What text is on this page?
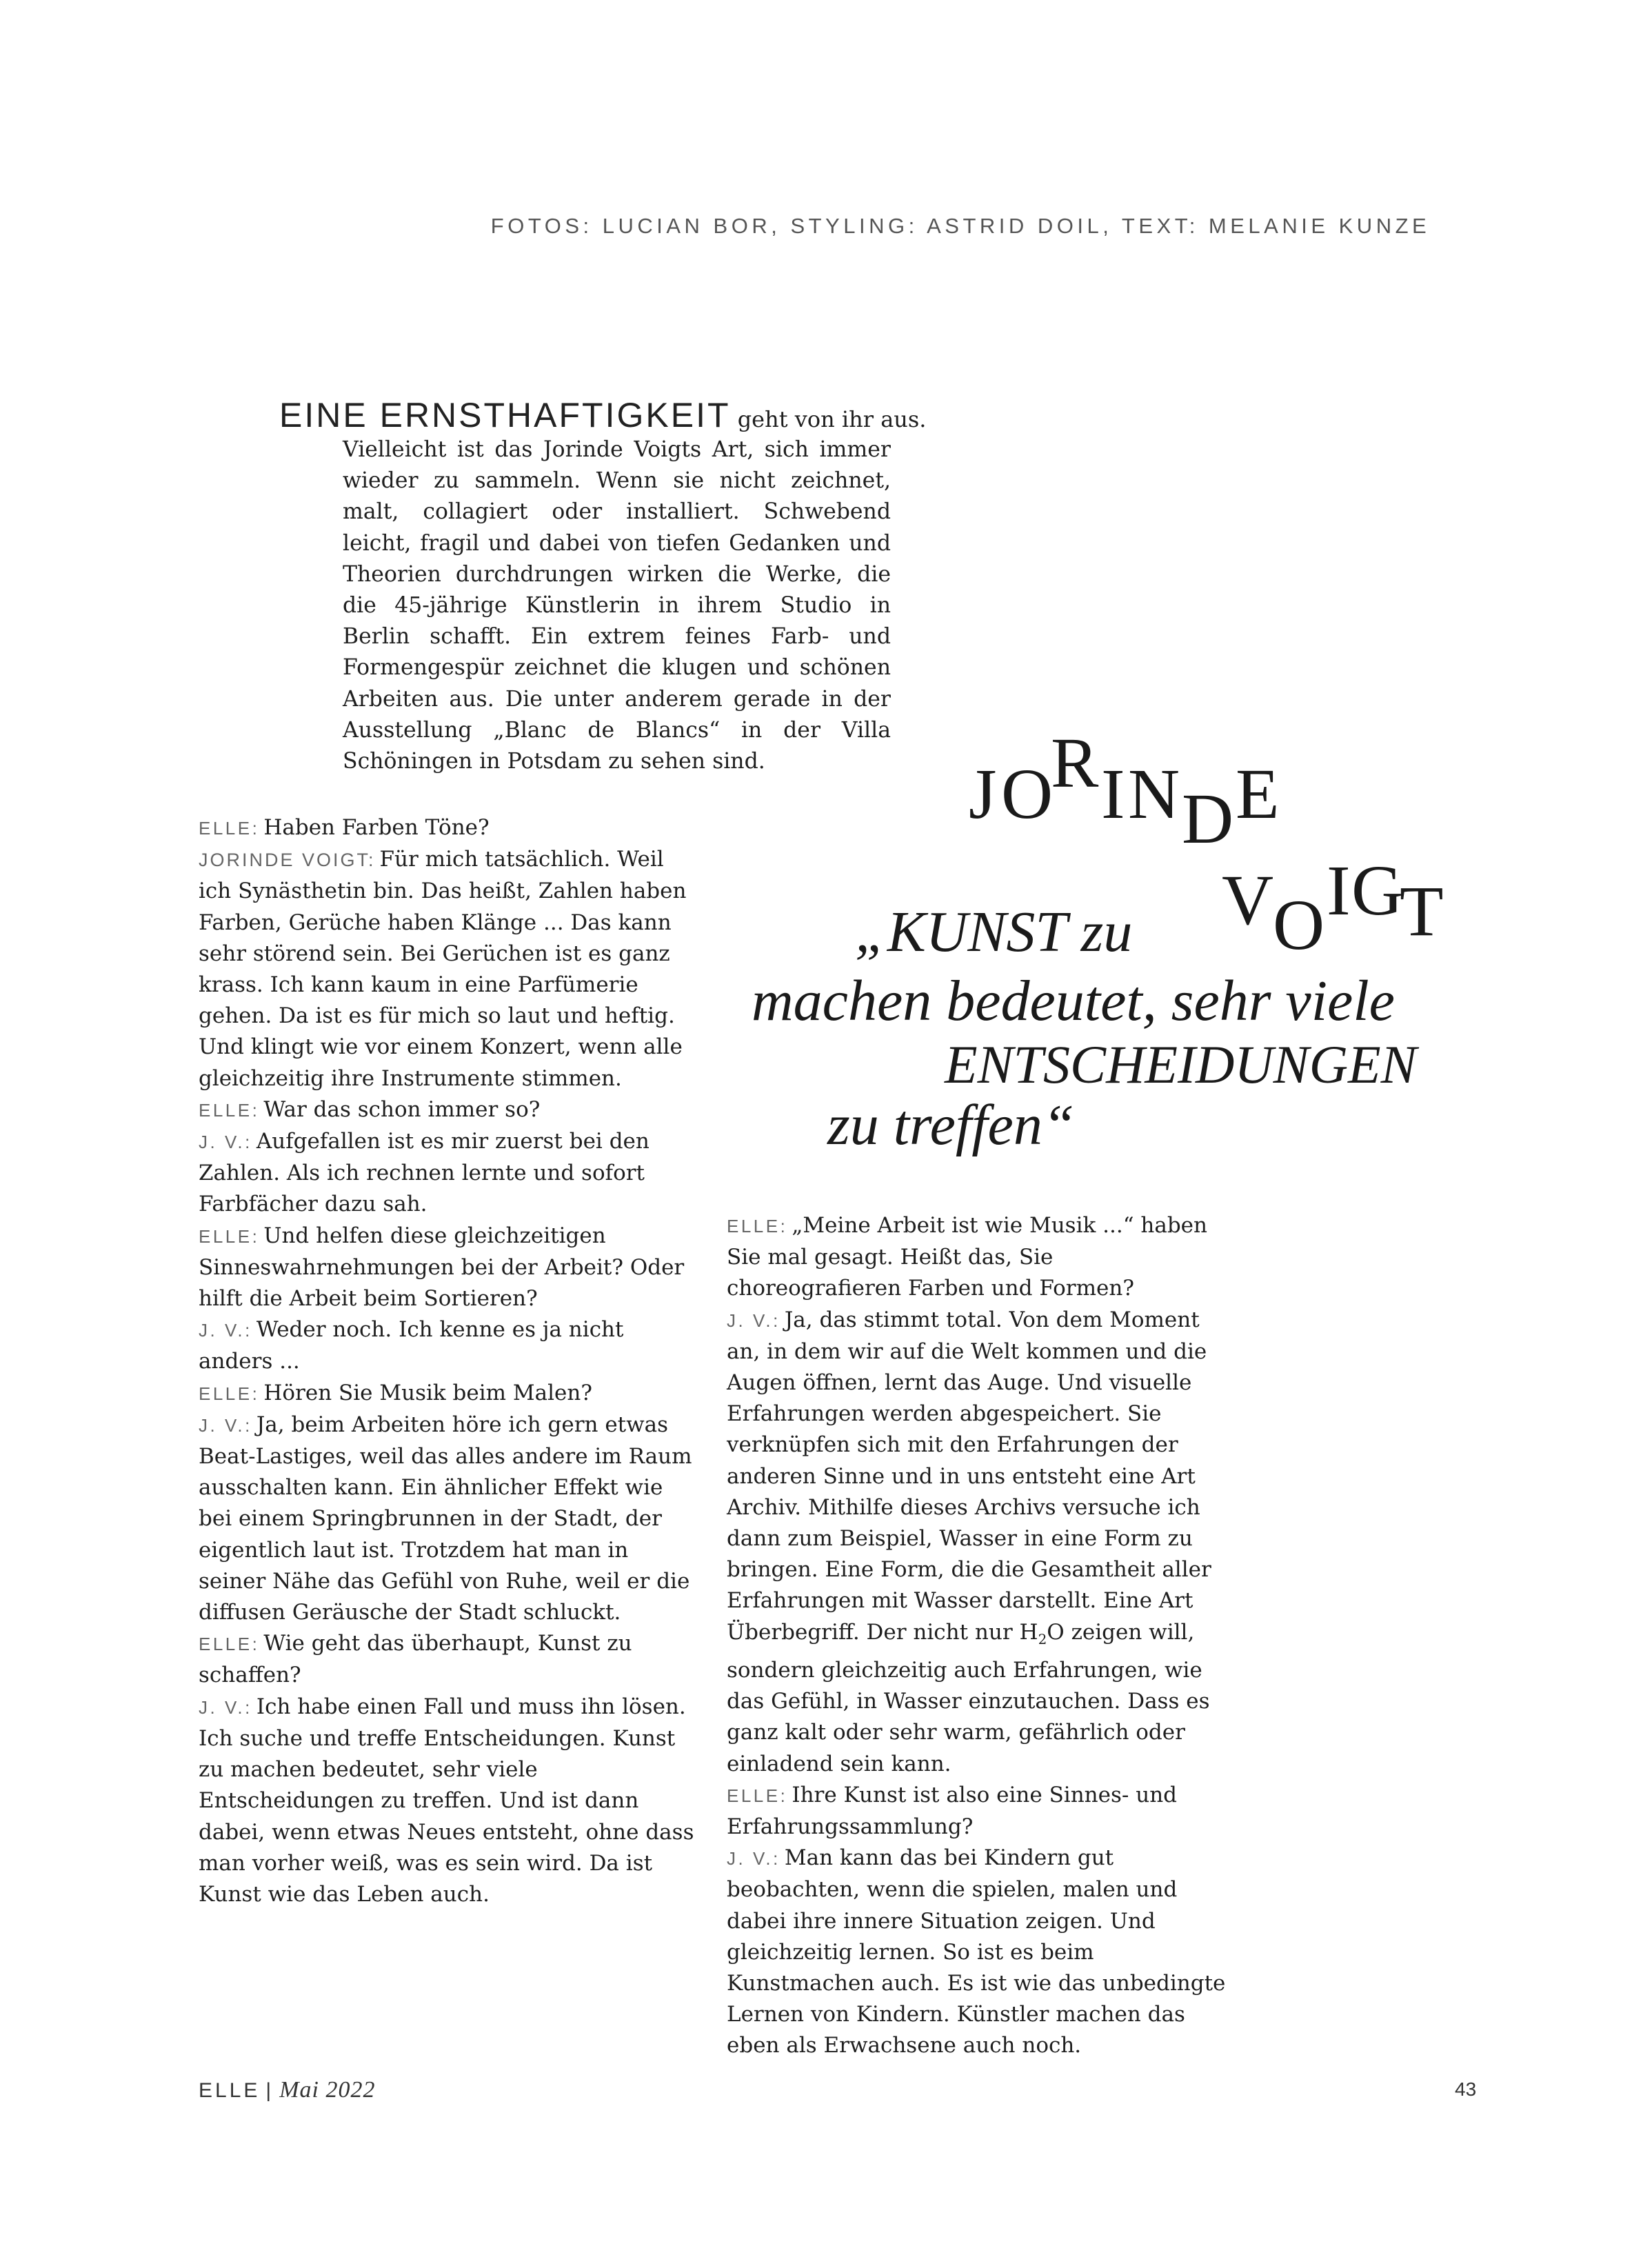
FOTOS: LUCIAN BOR, STYLING: ASTRID DOIL, TEXT: MELANIE KUNZE
EINE ERNSTHAFTIGKEIT geht von ihr aus.
Vielleicht ist das Jorinde Voigts Art, sich immer wieder zu sammeln. Wenn sie nicht zeichnet, malt, collagiert oder installiert. Schwebend leicht, fragil und dabei von tiefen Gedanken und Theorien durchdrungen wirken die Werke, die die 45-jährige Künstlerin in ihrem Studio in Berlin schafft. Ein extrem feines Farb- und Formengespür zeichnet die klugen und schönen Arbeiten aus. Die unter anderem gerade in der Ausstellung „Blanc de Blancs“ in der Villa Schöningen in Potsdam zu sehen sind.	J O
R I N D E
V
O I G
T
„KUNST zu
machen bedeutet, sehr viele
ENTSCHEIDUNGEN
zu treffen“

ELLE: Haben Farben Töne?

JORINDE VOIGT: Für mich tatsächlich. Weil ich Synästhetin bin. Das heißt, Zahlen haben Farben, Gerüche haben Klänge ... Das kann sehr störend sein. Bei Gerüchen ist es ganz krass. Ich kann kaum in eine Parfümerie gehen. Da ist es für mich so laut und heftig. Und klingt wie vor einem Konzert, wenn alle gleichzeitig ihre Instrumente stimmen.

ELLE: War das schon immer so?

J. V.: Aufgefallen ist es mir zuerst bei den Zahlen. Als ich rechnen lernte und sofort Farbfächer dazu sah.

ELLE: Und helfen diese gleichzeitigen Sinneswahrnehmungen bei der Arbeit? Oder hilft die Arbeit beim Sortieren?

J. V.: Weder noch. Ich kenne es ja nicht anders ...

ELLE: Hören Sie Musik beim Malen?

J. V.: Ja, beim Arbeiten höre ich gern etwas Beat-Lastiges, weil das alles andere im Raum ausschalten kann. Ein ähnlicher Effekt wie bei einem Springbrunnen in der Stadt, der eigentlich laut ist. Trotzdem hat man in seiner Nähe das Gefühl von Ruhe, weil er die diffusen Geräusche der Stadt schluckt.

ELLE: Wie geht das überhaupt, Kunst zu schaffen?

J. V.: Ich habe einen Fall und muss ihn lösen. Ich suche und treffe Entscheidungen. Kunst zu machen bedeutet, sehr viele Entscheidungen zu treffen. Und ist dann dabei, wenn etwas Neues entsteht, ohne dass man vorher weiß, was es sein wird. Da ist Kunst wie das Leben auch.

ELLE: „Meine Arbeit ist wie Musik ...“ haben Sie mal gesagt. Heißt das, Sie choreografieren Farben und Formen?

J. V.: Ja, das stimmt total. Von dem Moment an, in dem wir auf die Welt kommen und die Augen öffnen, lernt das Auge. Und visuelle Erfahrungen werden abgespeichert. Sie verknüpfen sich mit den Erfahrungen der anderen Sinne und in uns entsteht eine Art Archiv. Mithilfe dieses Archivs versuche ich dann zum Beispiel, Wasser in eine Form zu bringen. Eine Form, die die Gesamtheit aller Erfahrungen mit Wasser darstellt. Eine Art Überbegriff. Der nicht nur $H_2O$ zeigen will, sondern gleichzeitig auch Erfahrungen, wie das Gefühl, in Wasser einzutauchen. Dass es ganz kalt oder sehr warm, gefährlich oder einladend sein kann.

ELLE: Ihre Kunst ist also eine Sinnes- und Erfahrungssammlung?

J. V.: Man kann das bei Kindern gut beobachten, wenn die spielen, malen und dabei ihre innere Situation zeigen. Und gleichzeitig lernen. So ist es beim Kunstmachen auch. Es ist wie das unbedingte Lernen von Kindern. Künstler machen das eben als Erwachsene auch noch.

ELLE | Mai 2022	43
